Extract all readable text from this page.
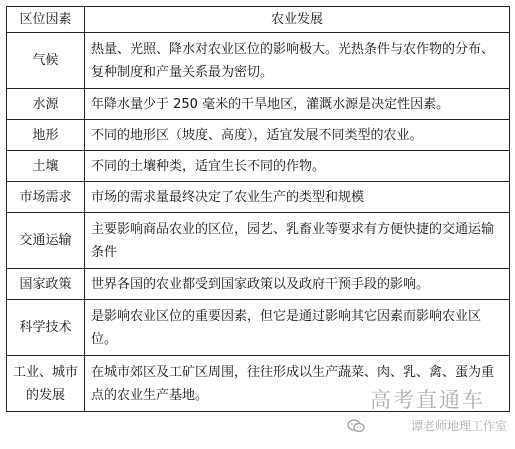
区位因素	农业发展
气候	热量、光照、降水对农业区位的影响极大。光热条件与农作物的分布、复种制度和产量关系最为密切。
水源	年降水量少于 250 毫米的干旱地区，灌溉水源是决定性因素。
地形	不同的地形区（坡度、高度），适宜发展不同类型的农业。
土壤	不同的土壤种类，适宜生长不同的作物。
市场需求	市场的需求量最终决定了农业生产的类型和规模
交通运输	主要影响商品农业的区位，园艺、乳畜业等要求有方便快捷的交通运输条件
国家政策	世界各国的农业都受到国家政策以及政府干预手段的影响。
科学技术	是影响农业区位的重要因素，但它是通过影响其它因素而影响农业区位。
工业、城市的发展	在城市郊区及工矿区周围，往往形成以生产蔬菜、肉、乳、禽、蛋为重点的农业生产基地。	高考直通车
谭老师地理工作室
